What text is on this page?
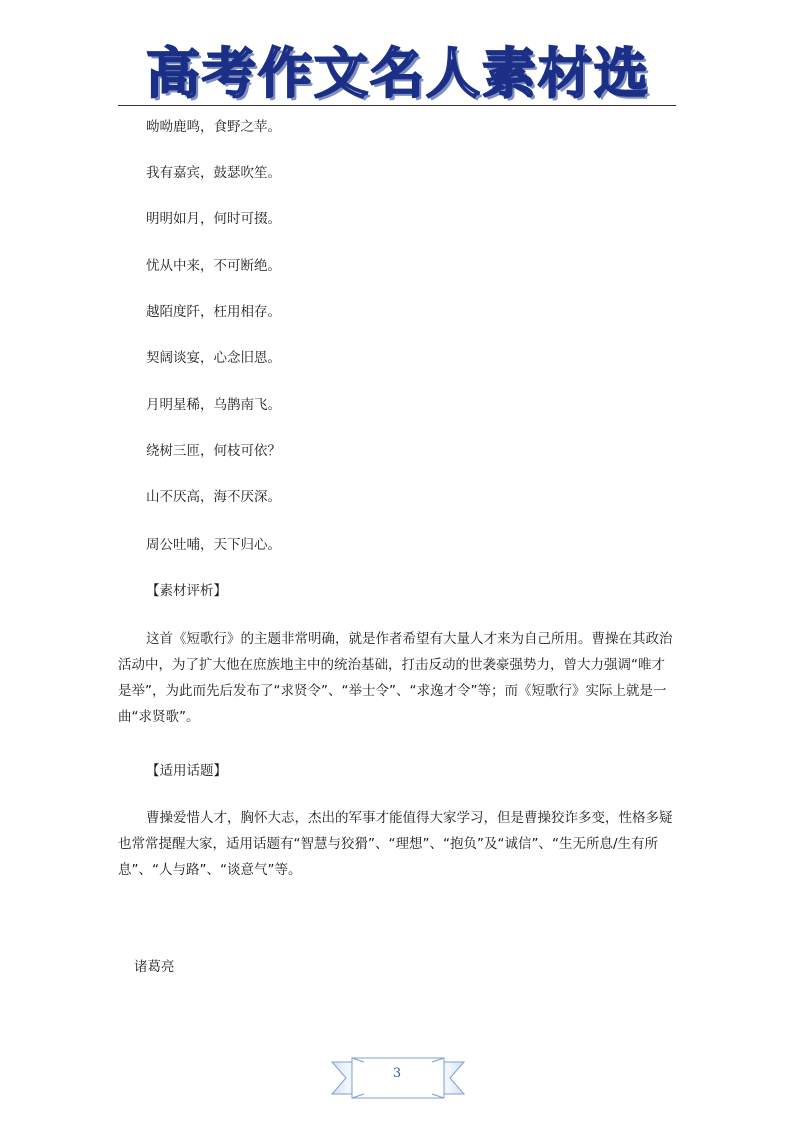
高考作文名人素材选
呦呦鹿鸣，食野之苹。
我有嘉宾，鼓瑟吹笙。
明明如月，何时可掇。
忧从中来，不可断绝。
越陌度阡，枉用相存。
契阔谈宴，心念旧恩。
月明星稀，乌鹊南飞。
绕树三匝，何枝可依？
山不厌高，海不厌深。
周公吐哺，天下归心。
【素材评析】
这首《短歌行》的主题非常明确，就是作者希望有大量人才来为自己所用。曹操在其政治活动中，为了扩大他在庶族地主中的统治基础，打击反动的世袭豪强势力，曾大力强调“唯才是举”，为此而先后发布了“求贤令”、“举士令”、“求逸才令”等；而《短歌行》实际上就是一曲“求贤歌”。
【适用话题】
曹操爱惜人才，胸怀大志，杰出的军事才能值得大家学习，但是曹操狡诈多变，性格多疑也常常提醒大家，适用话题有“智慧与狡猾”、“理想”、“抱负”及“诚信”、“生无所息/生有所息”、“人与路”、“谈意气”等。
诸葛亮
3
